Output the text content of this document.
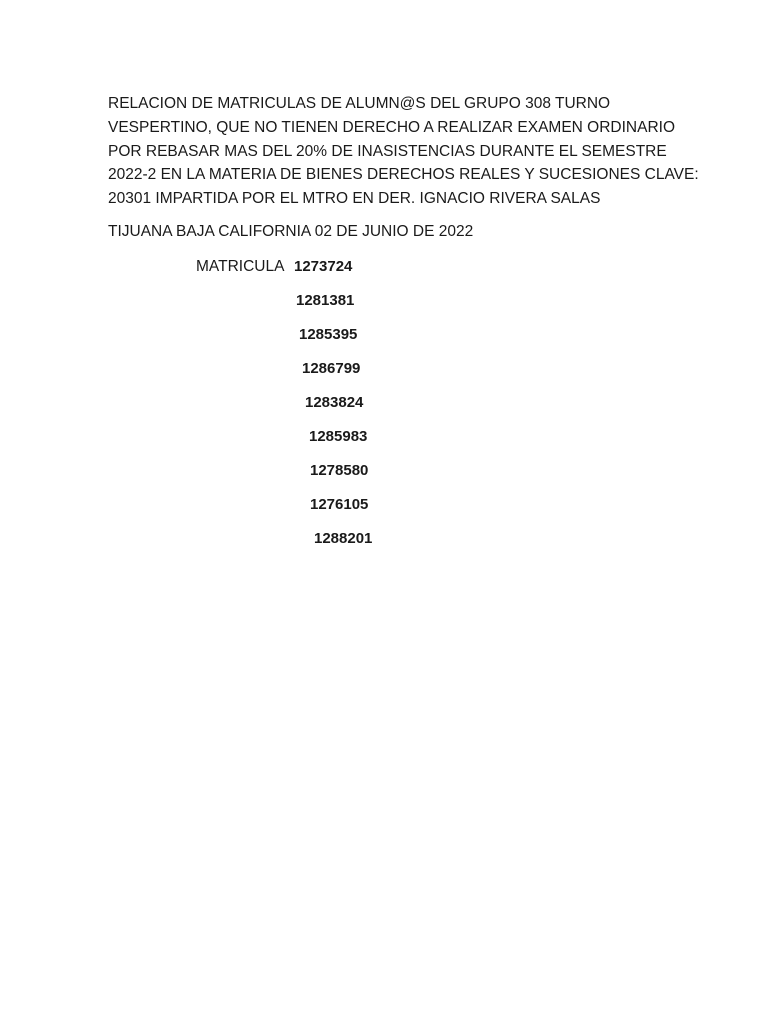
RELACION DE MATRICULAS DE ALUMN@S DEL GRUPO 308 TURNO
VESPERTINO, QUE NO TIENEN DERECHO A REALIZAR EXAMEN ORDINARIO
POR REBASAR MAS DEL 20% DE INASISTENCIAS DURANTE EL SEMESTRE
2022-2 EN LA MATERIA DE BIENES DERECHOS REALES Y SUCESIONES CLAVE:
20301 IMPARTIDA POR EL MTRO EN DER. IGNACIO RIVERA SALAS

TIJUANA BAJA CALIFORNIA 02 DE JUNIO DE 2022

MATRICULA 1273724
1281381
1285395
1286799
1283824
1285983
1278580
1276105
1288201
